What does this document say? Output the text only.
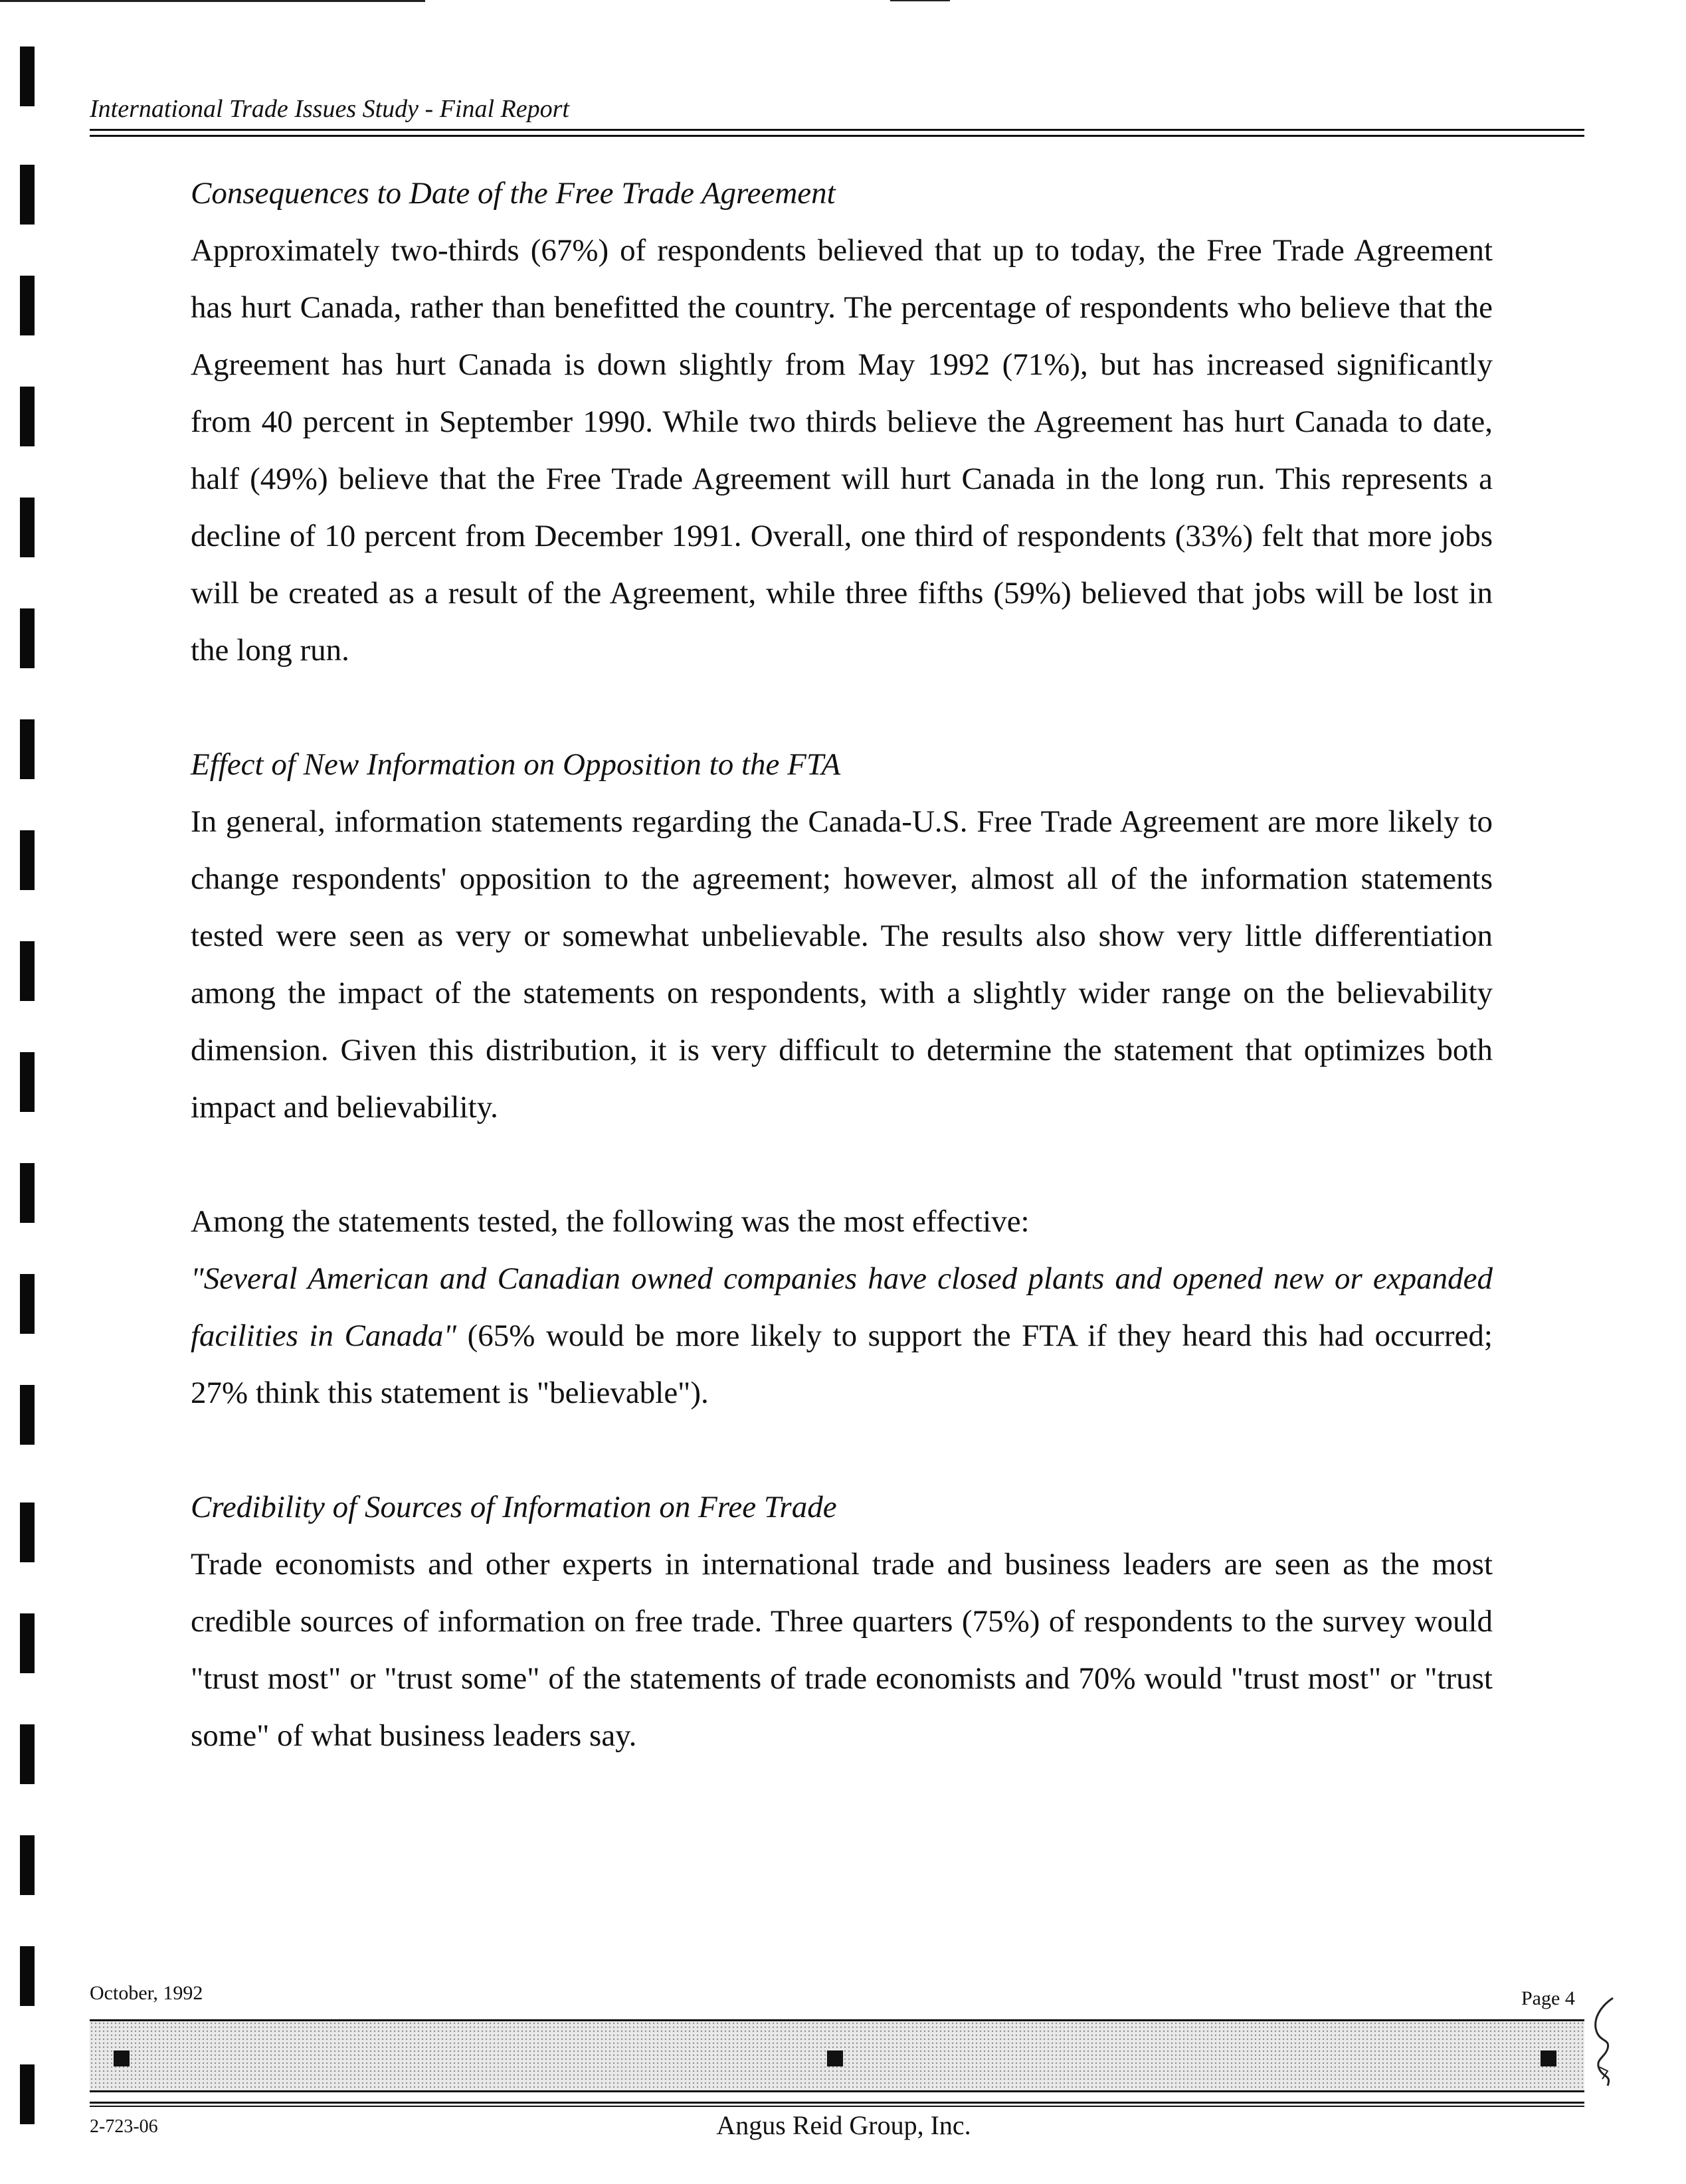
International Trade Issues Study - Final Report

Consequences to Date of the Free Trade Agreement

Approximately two-thirds (67%) of respondents believed that up to today, the Free Trade Agreement has hurt Canada, rather than benefitted the country. The percentage of respondents who believe that the Agreement has hurt Canada is down slightly from May 1992 (71%), but has increased significantly from 40 percent in September 1990. While two thirds believe the Agreement has hurt Canada to date, half (49%) believe that the Free Trade Agreement will hurt Canada in the long run. This represents a decline of 10 percent from December 1991. Overall, one third of respondents (33%) felt that more jobs will be created as a result of the Agreement, while three fifths (59%) believed that jobs will be lost in the long run.

Effect of New Information on Opposition to the FTA

In general, information statements regarding the Canada-U.S. Free Trade Agreement are more likely to change respondents' opposition to the agreement; however, almost all of the information statements tested were seen as very or somewhat unbelievable. The results also show very little differentiation among the impact of the statements on respondents, with a slightly wider range on the believability dimension. Given this distribution, it is very difficult to determine the statement that optimizes both impact and believability.

Among the statements tested, the following was the most effective:

"Several American and Canadian owned companies have closed plants and opened new or expanded facilities in Canada" (65% would be more likely to support the FTA if they heard this had occurred; 27% think this statement is "believable").

Credibility of Sources of Information on Free Trade

Trade economists and other experts in international trade and business leaders are seen as the most credible sources of information on free trade. Three quarters (75%) of respondents to the survey would "trust most" or "trust some" of the statements of trade economists and 70% would "trust most" or "trust some" of what business leaders say.

October, 1992	Page 4
2-723-06	Angus Reid Group, Inc.
